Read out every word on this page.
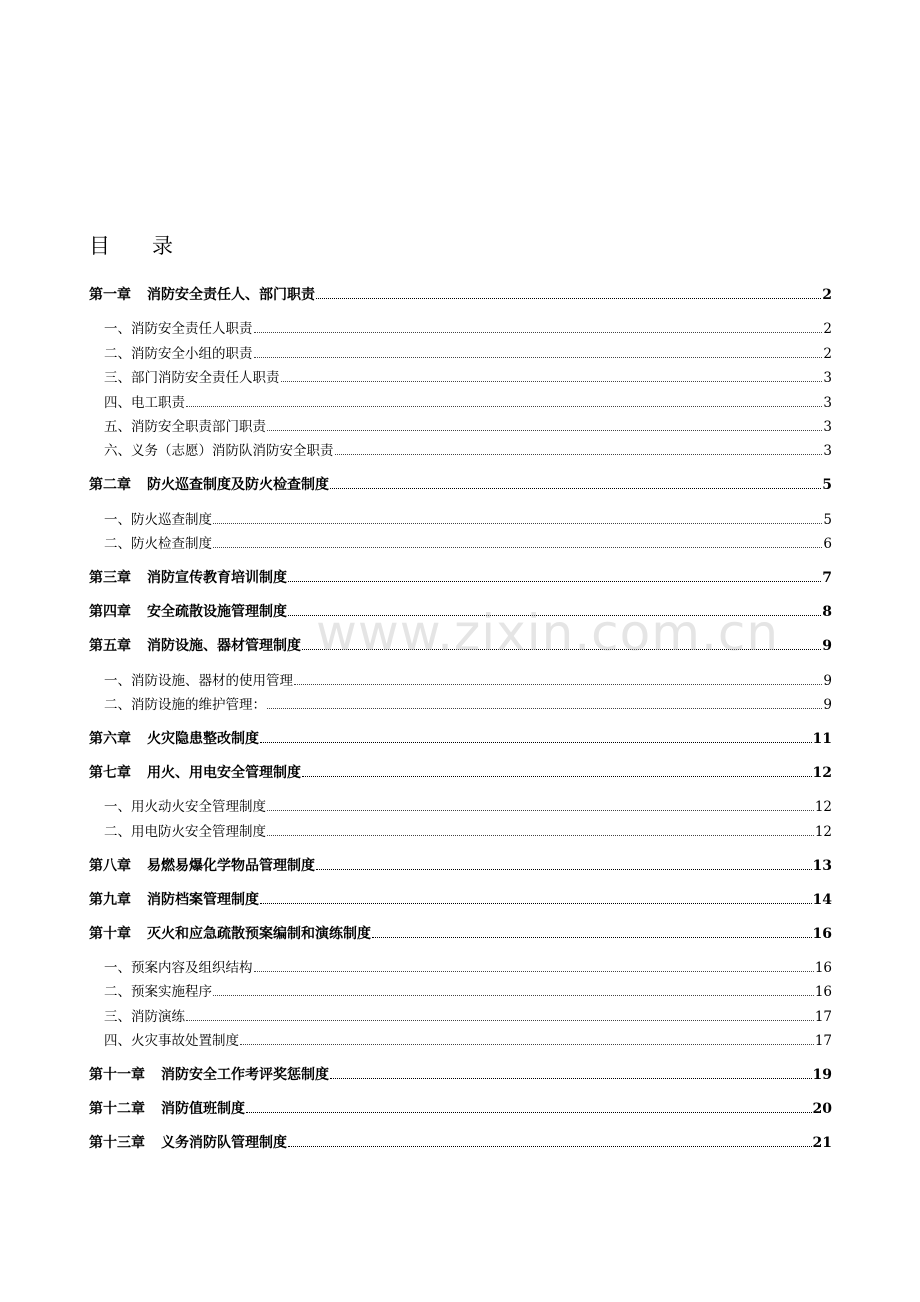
目　　录
第一章 消防安全责任人、部门职责	2
一、消防安全责任人职责	2
二、消防安全小组的职责	2
三、部门消防安全责任人职责	3
四、电工职责	3
五、消防安全职责部门职责	3
六、义务（志愿）消防队消防安全职责	3
第二章 防火巡查制度及防火检查制度	5
一、防火巡查制度	5
二、防火检查制度	6
第三章 消防宣传教育培训制度	7
第四章 安全疏散设施管理制度	8
第五章 消防设施、器材管理制度	9
一、消防设施、器材的使用管理	9
二、消防设施的维护管理：	9
第六章 火灾隐患整改制度	11
第七章 用火、用电安全管理制度	12
一、用火动火安全管理制度	12
二、用电防火安全管理制度	12
第八章 易燃易爆化学物品管理制度	13
第九章 消防档案管理制度	14
第十章 灭火和应急疏散预案编制和演练制度	16
一、预案内容及组织结构	16
二、预案实施程序	16
三、消防演练	17
四、火灾事故处置制度	17
第十一章 消防安全工作考评奖惩制度	19
第十二章 消防值班制度	20
第十三章 义务消防队管理制度	21
www.zixin.com.cn
